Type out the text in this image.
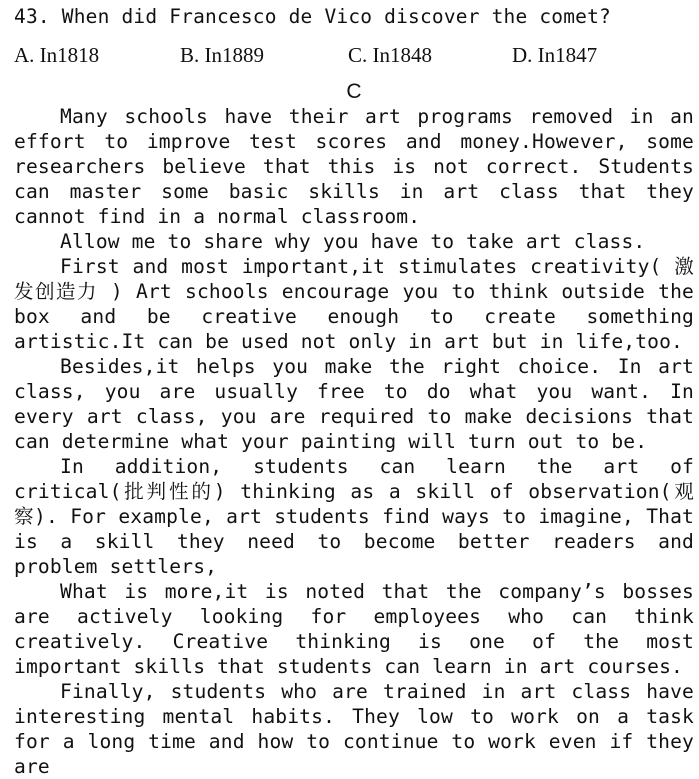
43. When did Francesco de Vico discover the comet?
A. In1818	B. In1889	C. In1848	D. In1847
C

Many schools have their art programs removed in an effort to improve test scores and money.However, some researchers believe that this is not correct. Students can master some basic skills in art class that they cannot find in a normal classroom.

Allow me to share why you have to take art class.

First and most important,it stimulates creativity( 激发创造力 ) Art schools encourage you to think outside the box and be creative enough to create something artistic.It can be used not only in art but in life,too.

Besides,it helps you make the right choice. In art class, you are usually free to do what you want. In every art class, you are required to make decisions that can determine what your painting will turn out to be.

In addition, students can learn the art of critical(批判性的) thinking as a skill of observation(观察). For example, art students find ways to imagine, That is a skill they need to become better readers and problem settlers,

What is more,it is noted that the company’s bosses are actively looking for employees who can think creatively. Creative thinking is one of the most important skills that students can learn in art courses.

Finally, students who are trained in art class have interesting mental habits. They low to work on a task for a long time and how to continue to work even if they are
